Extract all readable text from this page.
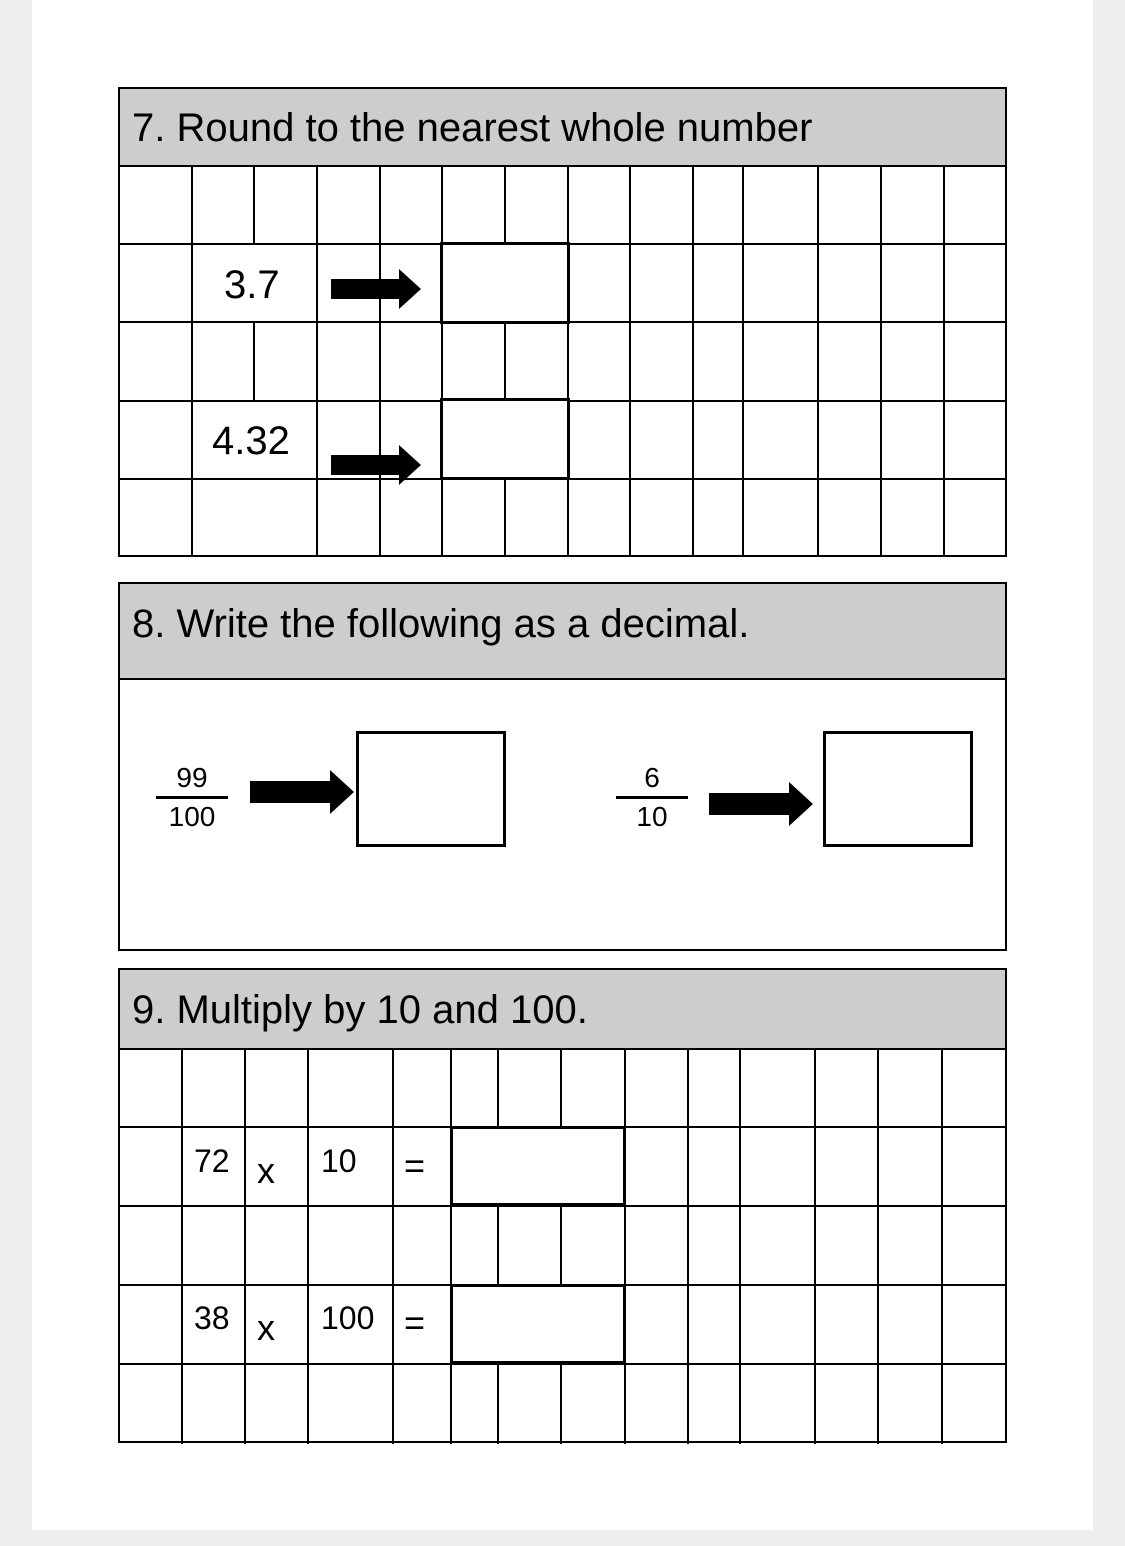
7. Round to the nearest whole number
3.7
4.32
8. Write the following as a decimal.
99
100
6
10
9. Multiply by 10 and 100.
72 x 10 =
38 x 100 =
